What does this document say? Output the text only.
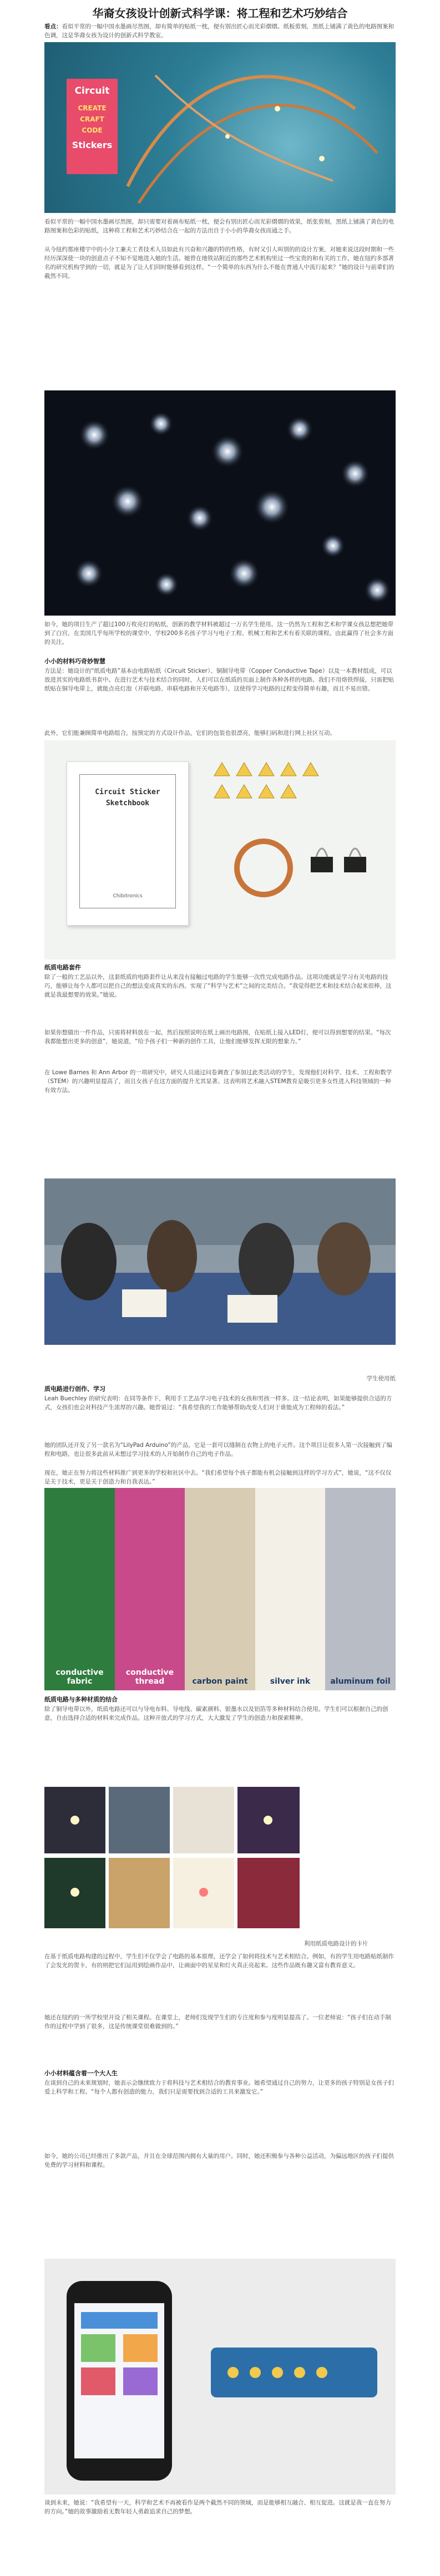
华裔女孩设计创新式科学课：将工程和艺术巧妙结合

看点：看似平常的一幅中国水墨画尽然图，却有简单的贴纸一枕，便有别出匠心而光彩熠熠。纸板剪刻，黑纸上铺满了黄色的电路图案和色调，这是华裔女孩为设计的创新式科学教室。

Circuit
CREATE
CRAFT
CODE
Stickers

看似平常的一幅中国水墨画尽然图，却只需要对着画布贴纸一枕，便会有别出匠心而光彩熠熠的效果，纸张剪刻，黑纸上铺满了黄色的电路图案和色彩的贴纸，这种将工程和艺术巧妙结合在一起的方法出自于小小的华裔女孩而通之手。

从今纽约那座楼宇中的小分工兼夫工者技术人员如此有兴奋和兴趣的特的性格，有时又引人叫别的的设计方案，对她来说这段时期和一些经历深深使一块的创意点子不知不觉地进入她的生活。她曾在地铁站附近的那些艺术机构里过一些宝贵的和有关的工作，她在纽约多部著名的研究机构学到的一切，就是为了让人们同时能够看到这样。“一个简单的东西为什么不能在普通人中流行起来？”她的设计与前辈们的截然不同。

如今，她的项目生产了超过100万枚亮灯的贴纸，创新的教学材料被超过一万名学生使用。这一仍然为工程和艺术和学课女孩总想把她带到了白宫，在美国几乎每所学校的课堂中，学校200多名孩子学习与电子工程、机械工程和艺术有着关联的课程。由此赢得了社会多方面的关注。

小小的材料巧奇妙智慧

方法是：她设计的“纸质电路”基本由电路贴纸（Circuit Sticker）、铜制导电带（Copper Conductive Tape）以及一本教材组成，可以放进其实的电路纸书套中。在进行艺术与技术结合的同时，人们可以在纸质的页面上制作各种各样的电路。我们不用烙铁焊接，只需把贴纸贴在铜导电带上，就能点亮灯泡（并联电路、串联电路和开关电路等），这使得学习电路的过程变得简单有趣，而且不易出错。

此外，它们能兼顾简单电路组合，按预定的方式设计作品，它们的包装也很漂亮，能够扫码和进行网上社区互动。

Circuit Sticker Sketchbook
Chibitronics
纸质电路套件

除了一般的工艺品以外，这套纸质的电路套件让从来没有接触过电路的学生能够一次性完成电路作品。这项功能就是学习有关电路的技巧，能够让每个人都可以把自己的想法变成真实的东西。实现了“科学与艺术”之间的完美结合。“我觉得把艺术和技术结合起来很棒，这就是我最想要的效果。”她说。

如果你想做出一件作品，只需将材料放在一起，然后按照说明在纸上画出电路图，在贴纸上接入LED灯，便可以得到想要的结果。“每次我都能想出更多的创意”，她说道，“给予孩子们一种新的创作工具，让他们能够发挥无限的想象力。”

在 Lowe Barnes 和 Ann Arbor 的一项研究中，研究人员通过问卷调查了参加过此类活动的学生，发现他们对科学、技术、工程和数学（STEM）的兴趣明显提高了，而且女孩子在这方面的提升尤其显著。这表明将艺术融入STEM教育是吸引更多女性进入科技领域的一种有效方法。

学生使用纸
质电路进行创作、学习

Leah Buechley 的研究表明：在同等条件下，利用手工艺品学习电子技术的女孩和男孩一样多。这一结论表明，如果能够提供合适的方式，女孩们也会对科技产生浓厚的兴趣。她曾说过：“我希望我的工作能够帮助改变人们对于谁能成为工程师的看法。”

她的团队还开发了另一款名为“LilyPad Arduino”的产品，它是一套可以缝制在衣物上的电子元件。这个项目让很多人第一次接触到了编程和电路，也让很多此前从未想过学习技术的人开始制作自己的电子作品。

现在，她正在努力将这些材料推广到更多的学校和社区中去。“我们希望每个孩子都能有机会接触到这样的学习方式”，她说，“这不仅仅是关于技术，更是关于创造力和自我表达。”

conductive fabric
conductive thread	carbon paint	silver ink	aluminum foil
纸质电路与多种材质的结合

除了铜导电带以外，纸质电路还可以与导电布料、导电线、碳素颜料、银墨水以及铝箔等多种材料结合使用。学生们可以根据自己的创意，自由选择合适的材料来完成作品。这种开放式的学习方式，大大激发了学生的创造力和探索精神。

利用纸质电路设计的卡片

在基于纸质电路构建的过程中，学生们不仅学会了电路的基本原理，还学会了如何将技术与艺术相结合。例如，有的学生用电路贴纸制作了会发光的贺卡，有的则把它们运用到绘画作品中，让画面中的星星和灯火真正亮起来。这些作品既有趣又富有教育意义。

她还在纽约的一所学校里开设了相关课程。在课堂上，老师们发现学生们的专注度和参与度明显提高了。一位老师说：“孩子们在动手制作的过程中学到了很多，这是传统课堂很难做到的。”

小小材料蕴含着一个大人生

在谈到自己的未来规划时，她表示会继续致力于将科技与艺术相结合的教育事业。她希望通过自己的努力，让更多的孩子特别是女孩子们爱上科学和工程。“每个人都有创造的能力，我们只是需要找到合适的工具来激发它。”

如今，她的公司已经推出了多款产品，并且在全球范围内拥有大量的用户。同时，她还积极参与各种公益活动，为偏远地区的孩子们提供免费的学习材料和课程。

谈到未来，她说：“我希望有一天，科学和艺术不再被看作是两个截然不同的领域，而是能够相互融合、相互促进。这就是我一直在努力的方向。”她的故事激励着无数年轻人勇敢追求自己的梦想。
